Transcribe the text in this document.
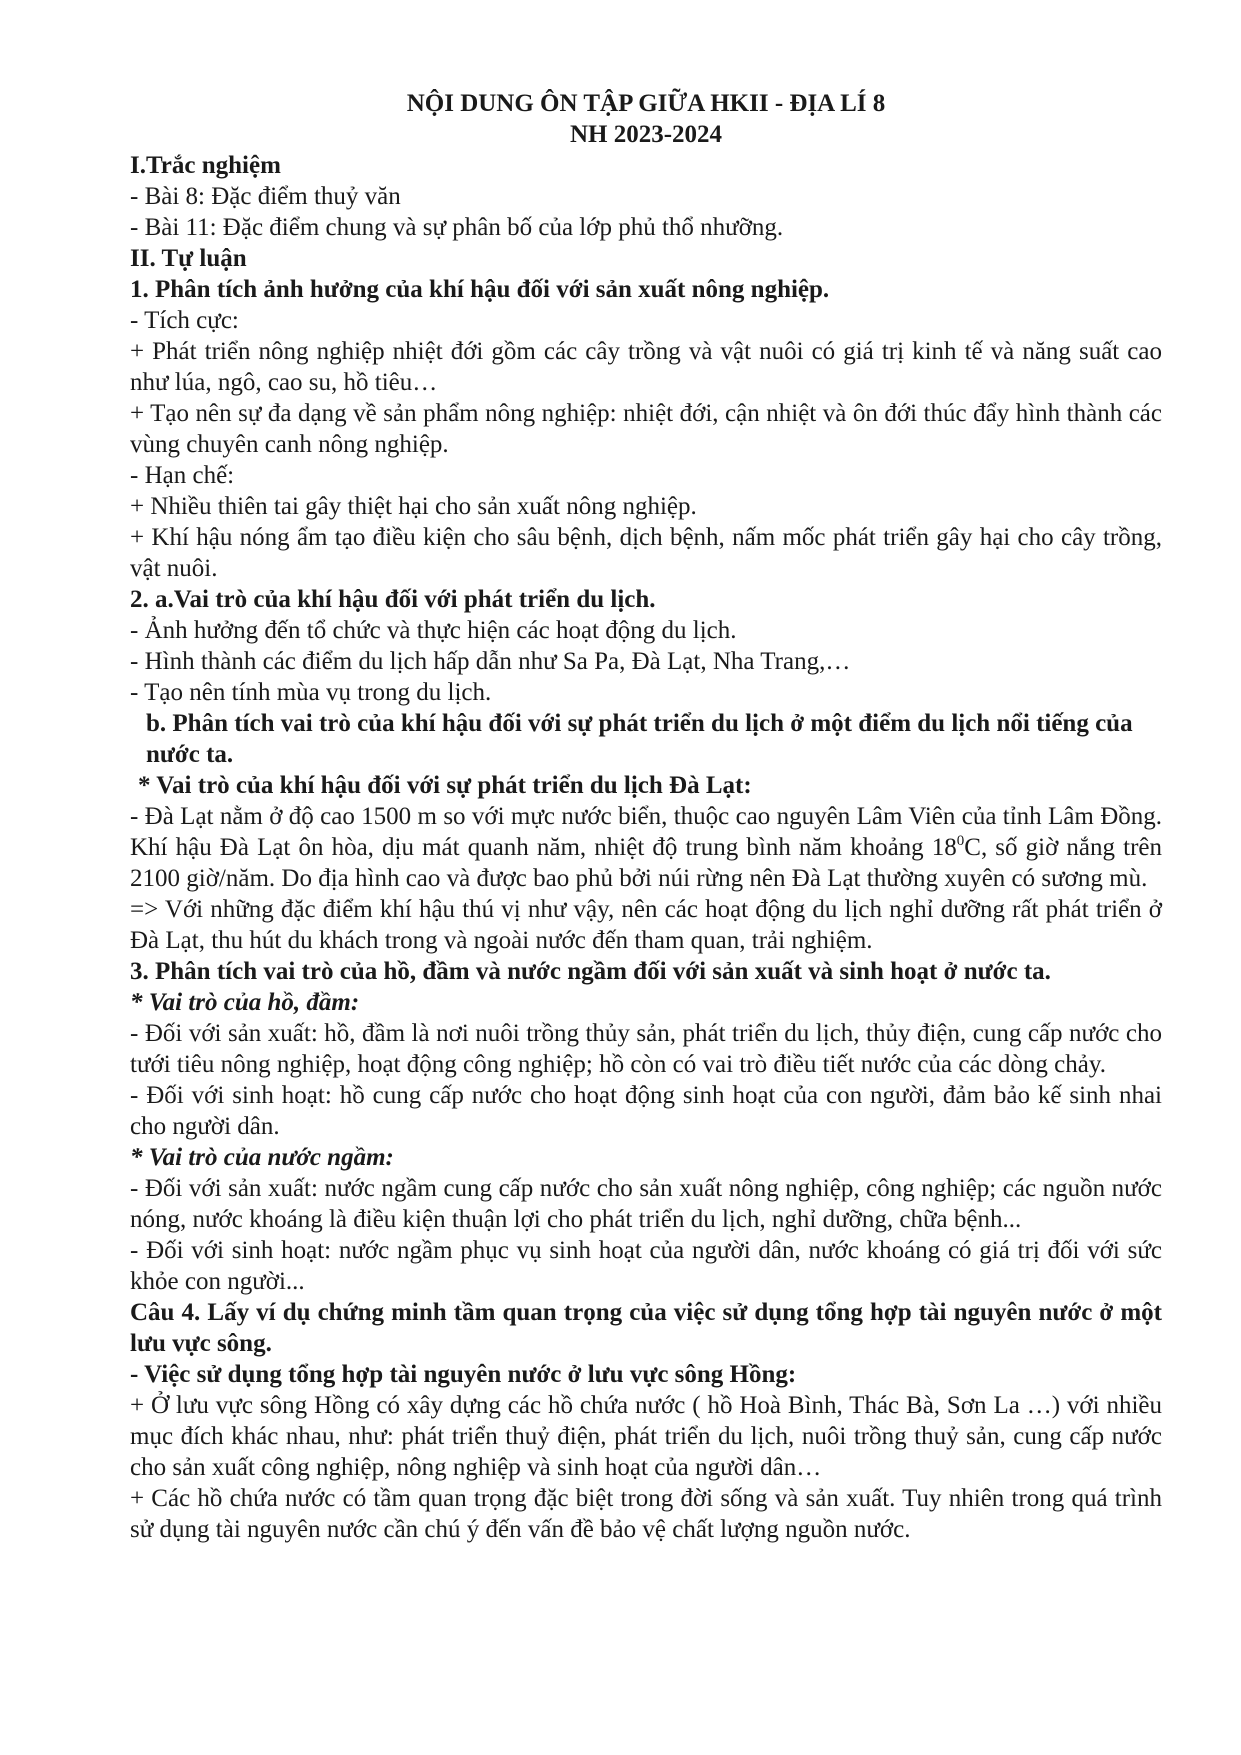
NỘI DUNG ÔN TẬP GIỮA HKII - ĐỊA LÍ 8

NH 2023-2024

I.Trắc nghiệm

- Bài 8: Đặc điểm thuỷ văn

- Bài 11: Đặc điểm chung và sự phân bố của lớp phủ thổ nhưỡng.

II. Tự luận

1. Phân tích ảnh hưởng của khí hậu đối với sản xuất nông nghiệp.

- Tích cực:

+ Phát triển nông nghiệp nhiệt đới gồm các cây trồng và vật nuôi có giá trị kinh tế và năng suất cao như lúa, ngô, cao su, hồ tiêu…

+ Tạo nên sự đa dạng về sản phẩm nông nghiệp: nhiệt đới, cận nhiệt và ôn đới thúc đẩy hình thành các vùng chuyên canh nông nghiệp.

- Hạn chế:

+ Nhiều thiên tai gây thiệt hại cho sản xuất nông nghiệp.

+ Khí hậu nóng ẩm tạo điều kiện cho sâu bệnh, dịch bệnh, nấm mốc phát triển gây hại cho cây trồng, vật nuôi.

2. a.Vai trò của khí hậu đối với phát triển du lịch.

- Ảnh hưởng đến tổ chức và thực hiện các hoạt động du lịch.

- Hình thành các điểm du lịch hấp dẫn như Sa Pa, Đà Lạt, Nha Trang,…

- Tạo nên tính mùa vụ trong du lịch.

b. Phân tích vai trò của khí hậu đối với sự phát triển du lịch ở một điểm du lịch nổi tiếng của nước ta.

* Vai trò của khí hậu đối với sự phát triển du lịch Đà Lạt:

- Đà Lạt nằm ở độ cao 1500 m so với mực nước biển, thuộc cao nguyên Lâm Viên của tỉnh Lâm Đồng. Khí hậu Đà Lạt ôn hòa, dịu mát quanh năm, nhiệt độ trung bình năm khoảng $18^0C$, số giờ nắng trên 2100 giờ/năm. Do địa hình cao và được bao phủ bởi núi rừng nên Đà Lạt thường xuyên có sương mù.

=> Với những đặc điểm khí hậu thú vị như vậy, nên các hoạt động du lịch nghỉ dưỡng rất phát triển ở Đà Lạt, thu hút du khách trong và ngoài nước đến tham quan, trải nghiệm.

3. Phân tích vai trò của hồ, đầm và nước ngầm đối với sản xuất và sinh hoạt ở nước ta.

* Vai trò của hồ, đầm:

- Đối với sản xuất: hồ, đầm là nơi nuôi trồng thủy sản, phát triển du lịch, thủy điện, cung cấp nước cho tưới tiêu nông nghiệp, hoạt động công nghiệp; hồ còn có vai trò điều tiết nước của các dòng chảy.

- Đối với sinh hoạt: hồ cung cấp nước cho hoạt động sinh hoạt của con người, đảm bảo kế sinh nhai cho người dân.

* Vai trò của nước ngầm:

- Đối với sản xuất: nước ngầm cung cấp nước cho sản xuất nông nghiệp, công nghiệp; các nguồn nước nóng, nước khoáng là điều kiện thuận lợi cho phát triển du lịch, nghỉ dưỡng, chữa bệnh...

- Đối với sinh hoạt: nước ngầm phục vụ sinh hoạt của người dân, nước khoáng có giá trị đối với sức khỏe con người...

Câu 4. Lấy ví dụ chứng minh tầm quan trọng của việc sử dụng tổng hợp tài nguyên nước ở một lưu vực sông.

- Việc sử dụng tổng hợp tài nguyên nước ở lưu vực sông Hồng:

+ Ở lưu vực sông Hồng có xây dựng các hồ chứa nước ( hồ Hoà Bình, Thác Bà, Sơn La …) với nhiều mục đích khác nhau, như: phát triển thuỷ điện, phát triển du lịch, nuôi trồng thuỷ sản, cung cấp nước cho sản xuất công nghiệp, nông nghiệp và sinh hoạt của người dân…

+ Các hồ chứa nước có tầm quan trọng đặc biệt trong đời sống và sản xuất. Tuy nhiên trong quá trình sử dụng tài nguyên nước cần chú ý đến vấn đề bảo vệ chất lượng nguồn nước.
